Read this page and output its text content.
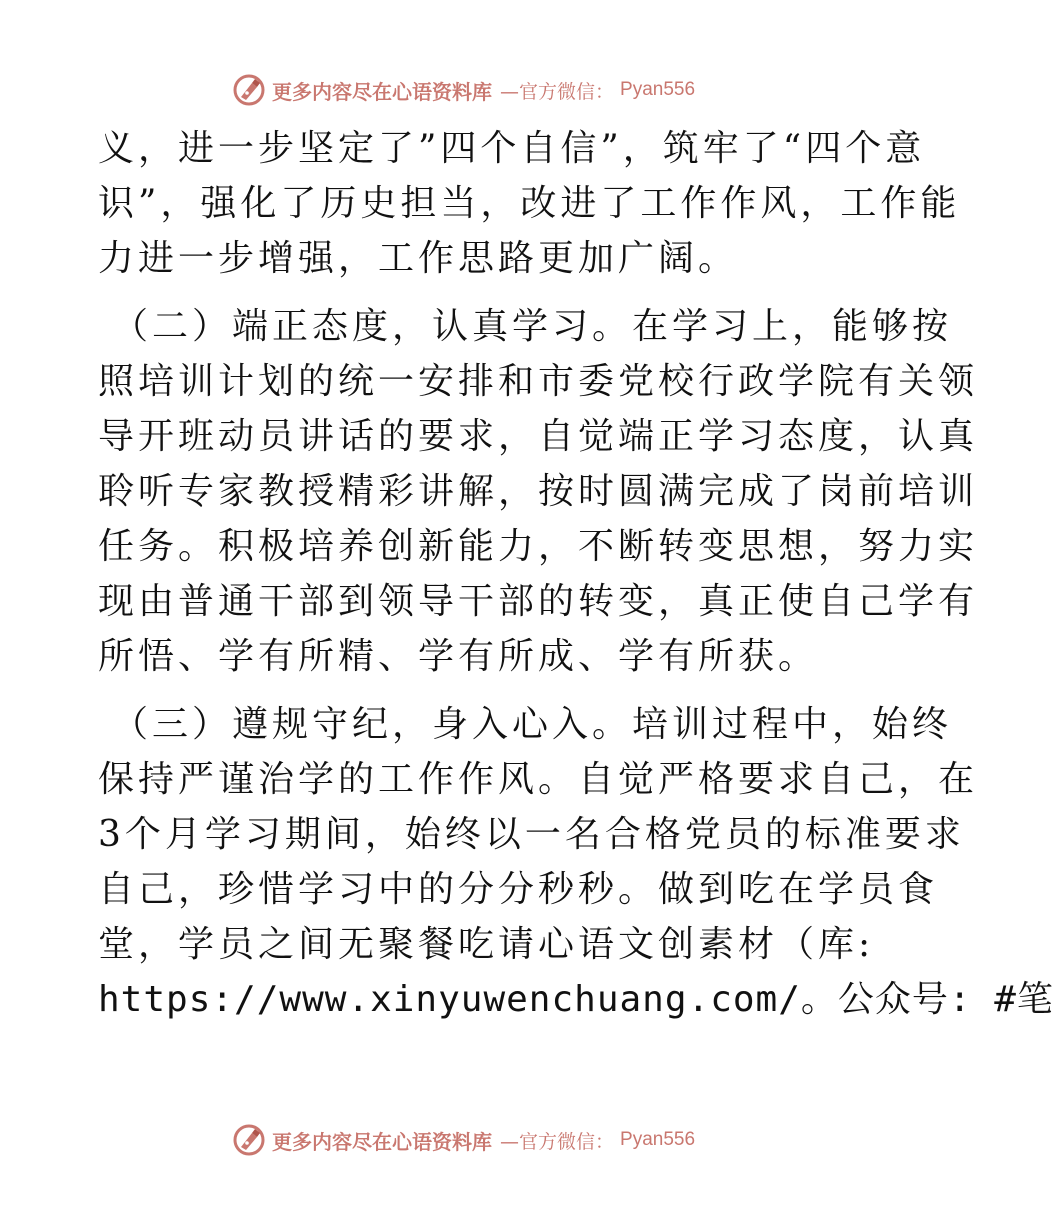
更多内容尽在心语资料库 —官方微信： Pyan556
义，进一步坚定了”四个自信”，筑牢了“四个意
识”，强化了历史担当，改进了工作作风，工作能
力进一步增强，工作思路更加广阔。
（二）端正态度，认真学习。在学习上，能够按
照培训计划的统一安排和市委党校行政学院有关领
导开班动员讲话的要求，自觉端正学习态度，认真
聆听专家教授精彩讲解，按时圆满完成了岗前培训
任务。积极培养创新能力，不断转变思想，努力实
现由普通干部到领导干部的转变，真正使自己学有
所悟、学有所精、学有所成、学有所获。
（三）遵规守纪，身入心入。培训过程中，始终
保持严谨治学的工作作风。自觉严格要求自己，在
3个月学习期间，始终以一名合格党员的标准要求
自己，珍惜学习中的分分秒秒。做到吃在学员食
堂，学员之间无聚餐吃请心语文创素材（库:
https://www.xinyuwenchuang.com/。公众号: #笔
更多内容尽在心语资料库 —官方微信： Pyan556
